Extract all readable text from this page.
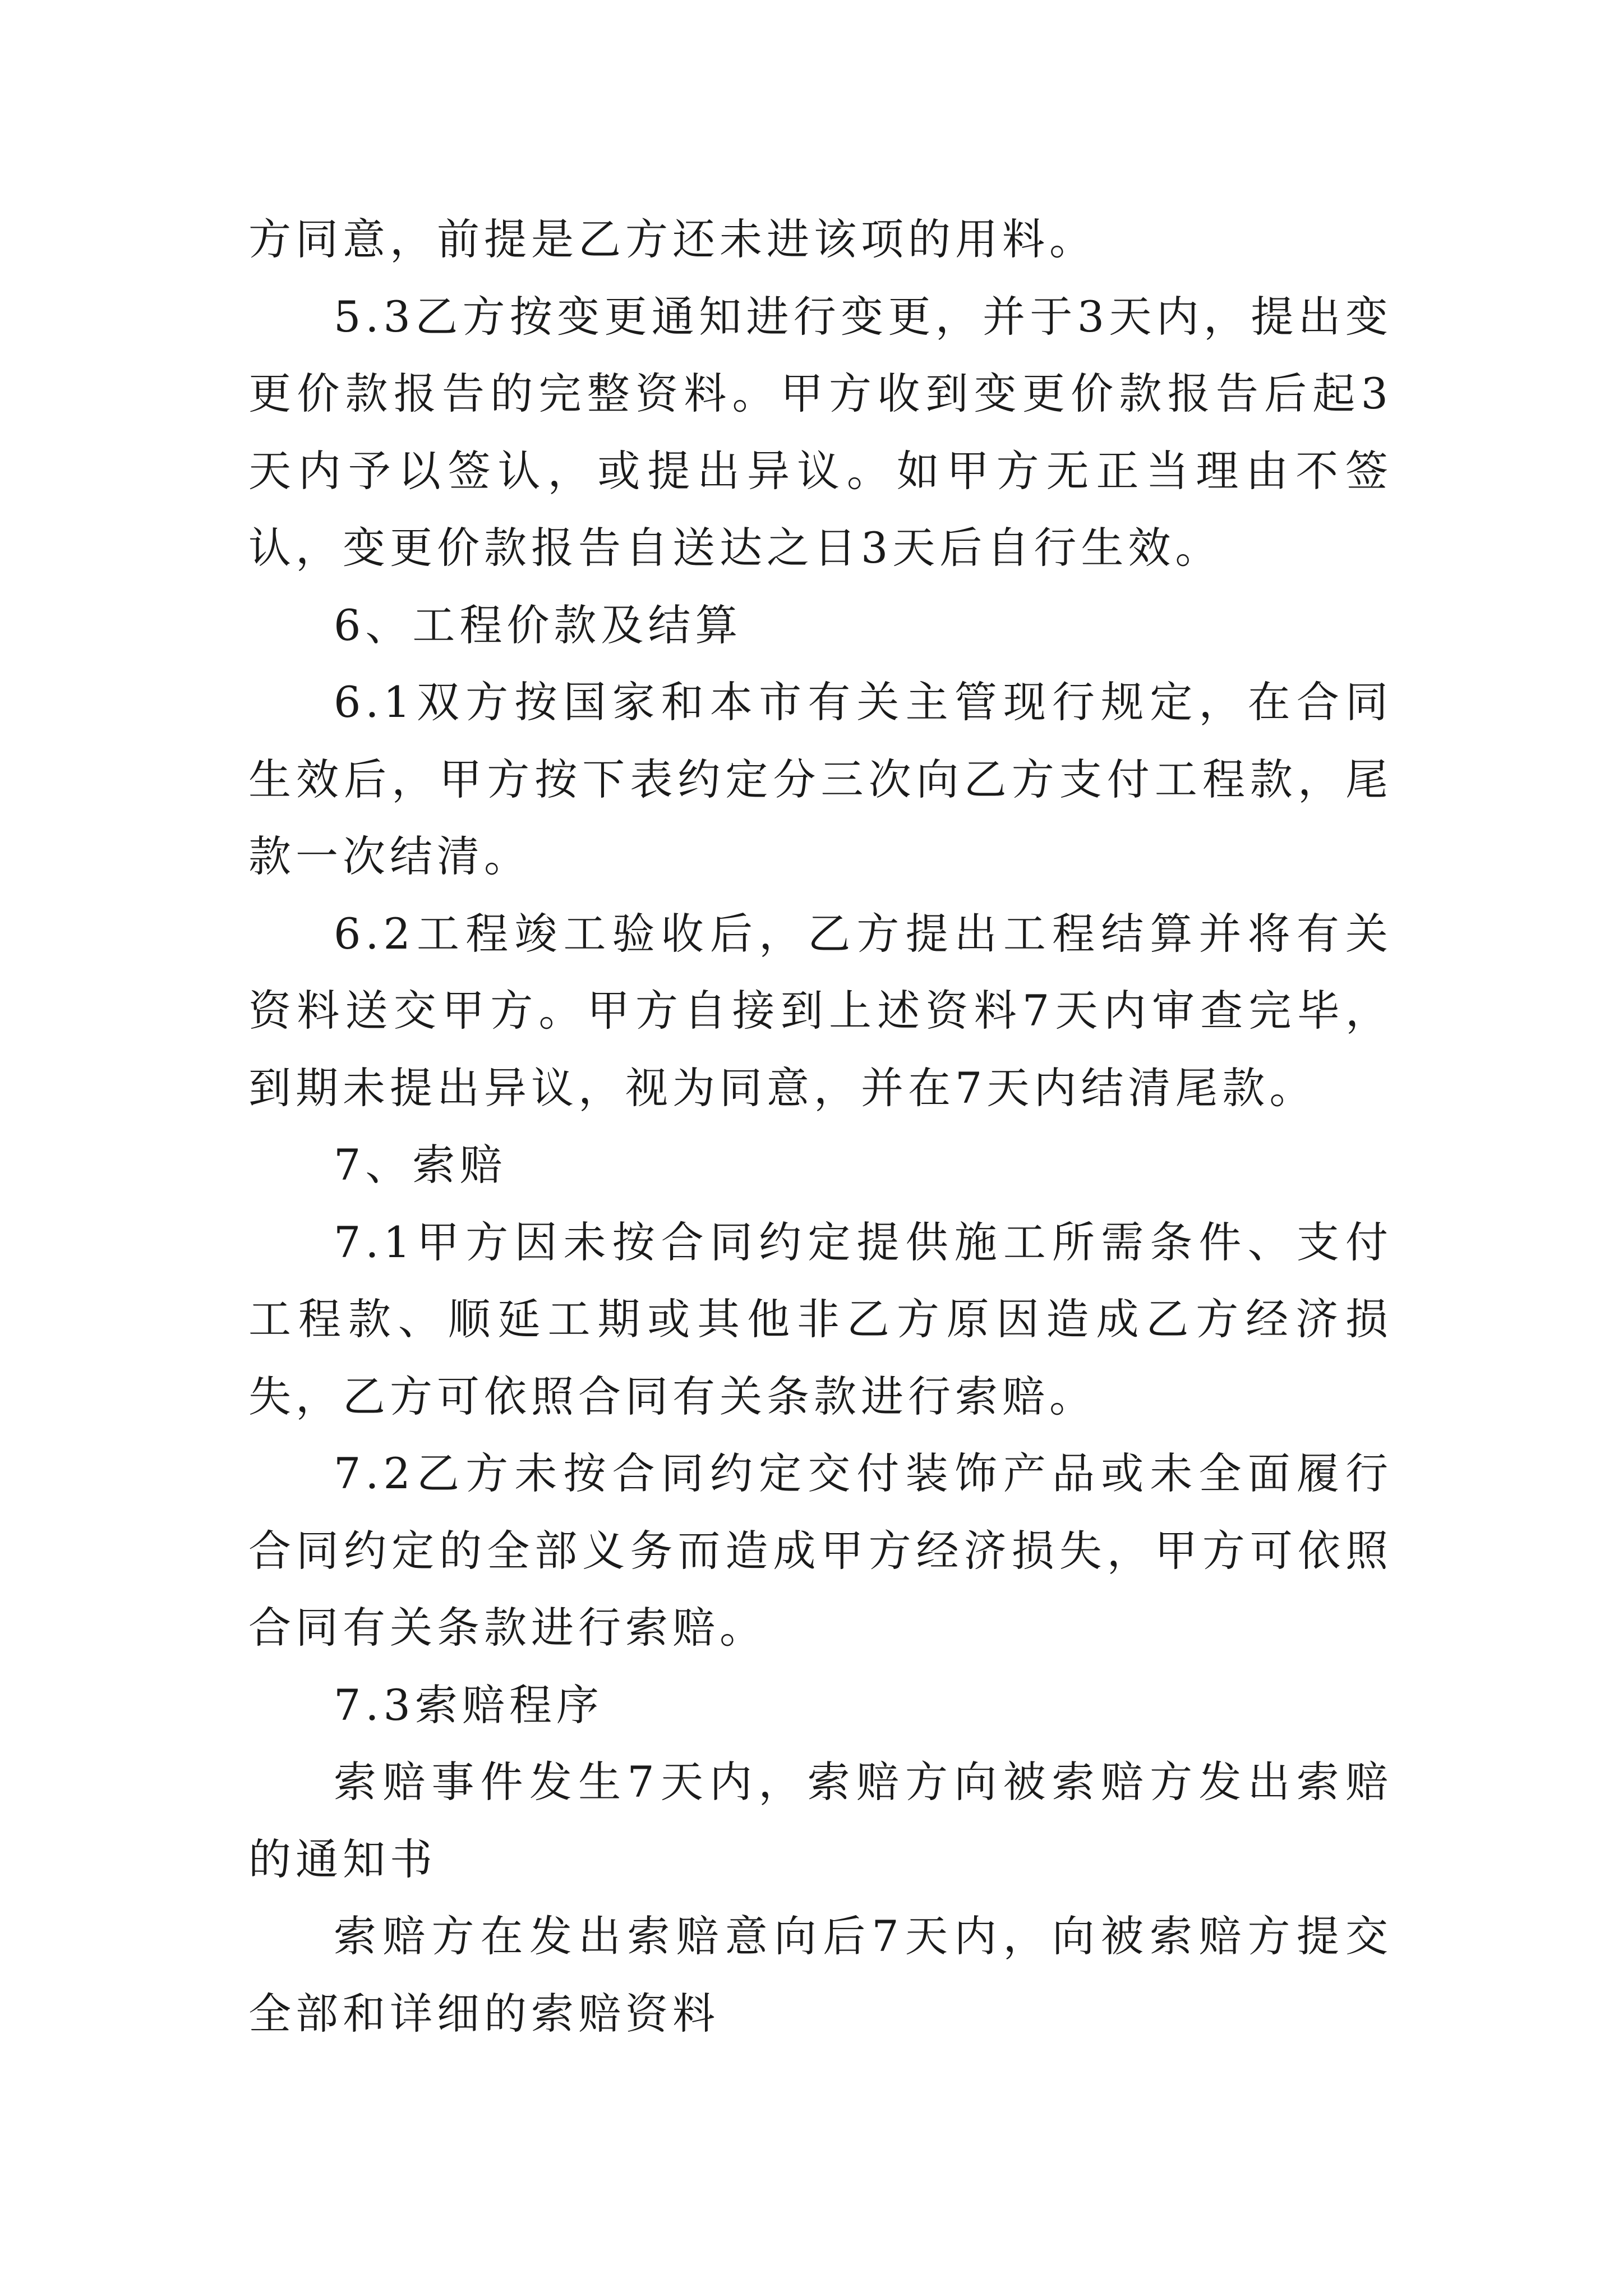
方同意，前提是乙方还未进该项的用料。

5.3乙方按变更通知进行变更，并于3天内，提出变更价款报告的完整资料。甲方收到变更价款报告后起3天内予以签认，或提出异议。如甲方无正当理由不签认，变更价款报告自送达之日3天后自行生效。

6、工程价款及结算

6.1双方按国家和本市有关主管现行规定，在合同生效后，甲方按下表约定分三次向乙方支付工程款，尾款一次结清。

6.2工程竣工验收后，乙方提出工程结算并将有关资料送交甲方。甲方自接到上述资料7天内审查完毕，到期未提出异议，视为同意，并在7天内结清尾款。

7、索赔

7.1甲方因未按合同约定提供施工所需条件、支付工程款、顺延工期或其他非乙方原因造成乙方经济损失，乙方可依照合同有关条款进行索赔。

7.2乙方未按合同约定交付装饰产品或未全面履行合同约定的全部义务而造成甲方经济损失，甲方可依照合同有关条款进行索赔。

7.3索赔程序

索赔事件发生7天内，索赔方向被索赔方发出索赔的通知书

索赔方在发出索赔意向后7天内，向被索赔方提交全部和详细的索赔资料
